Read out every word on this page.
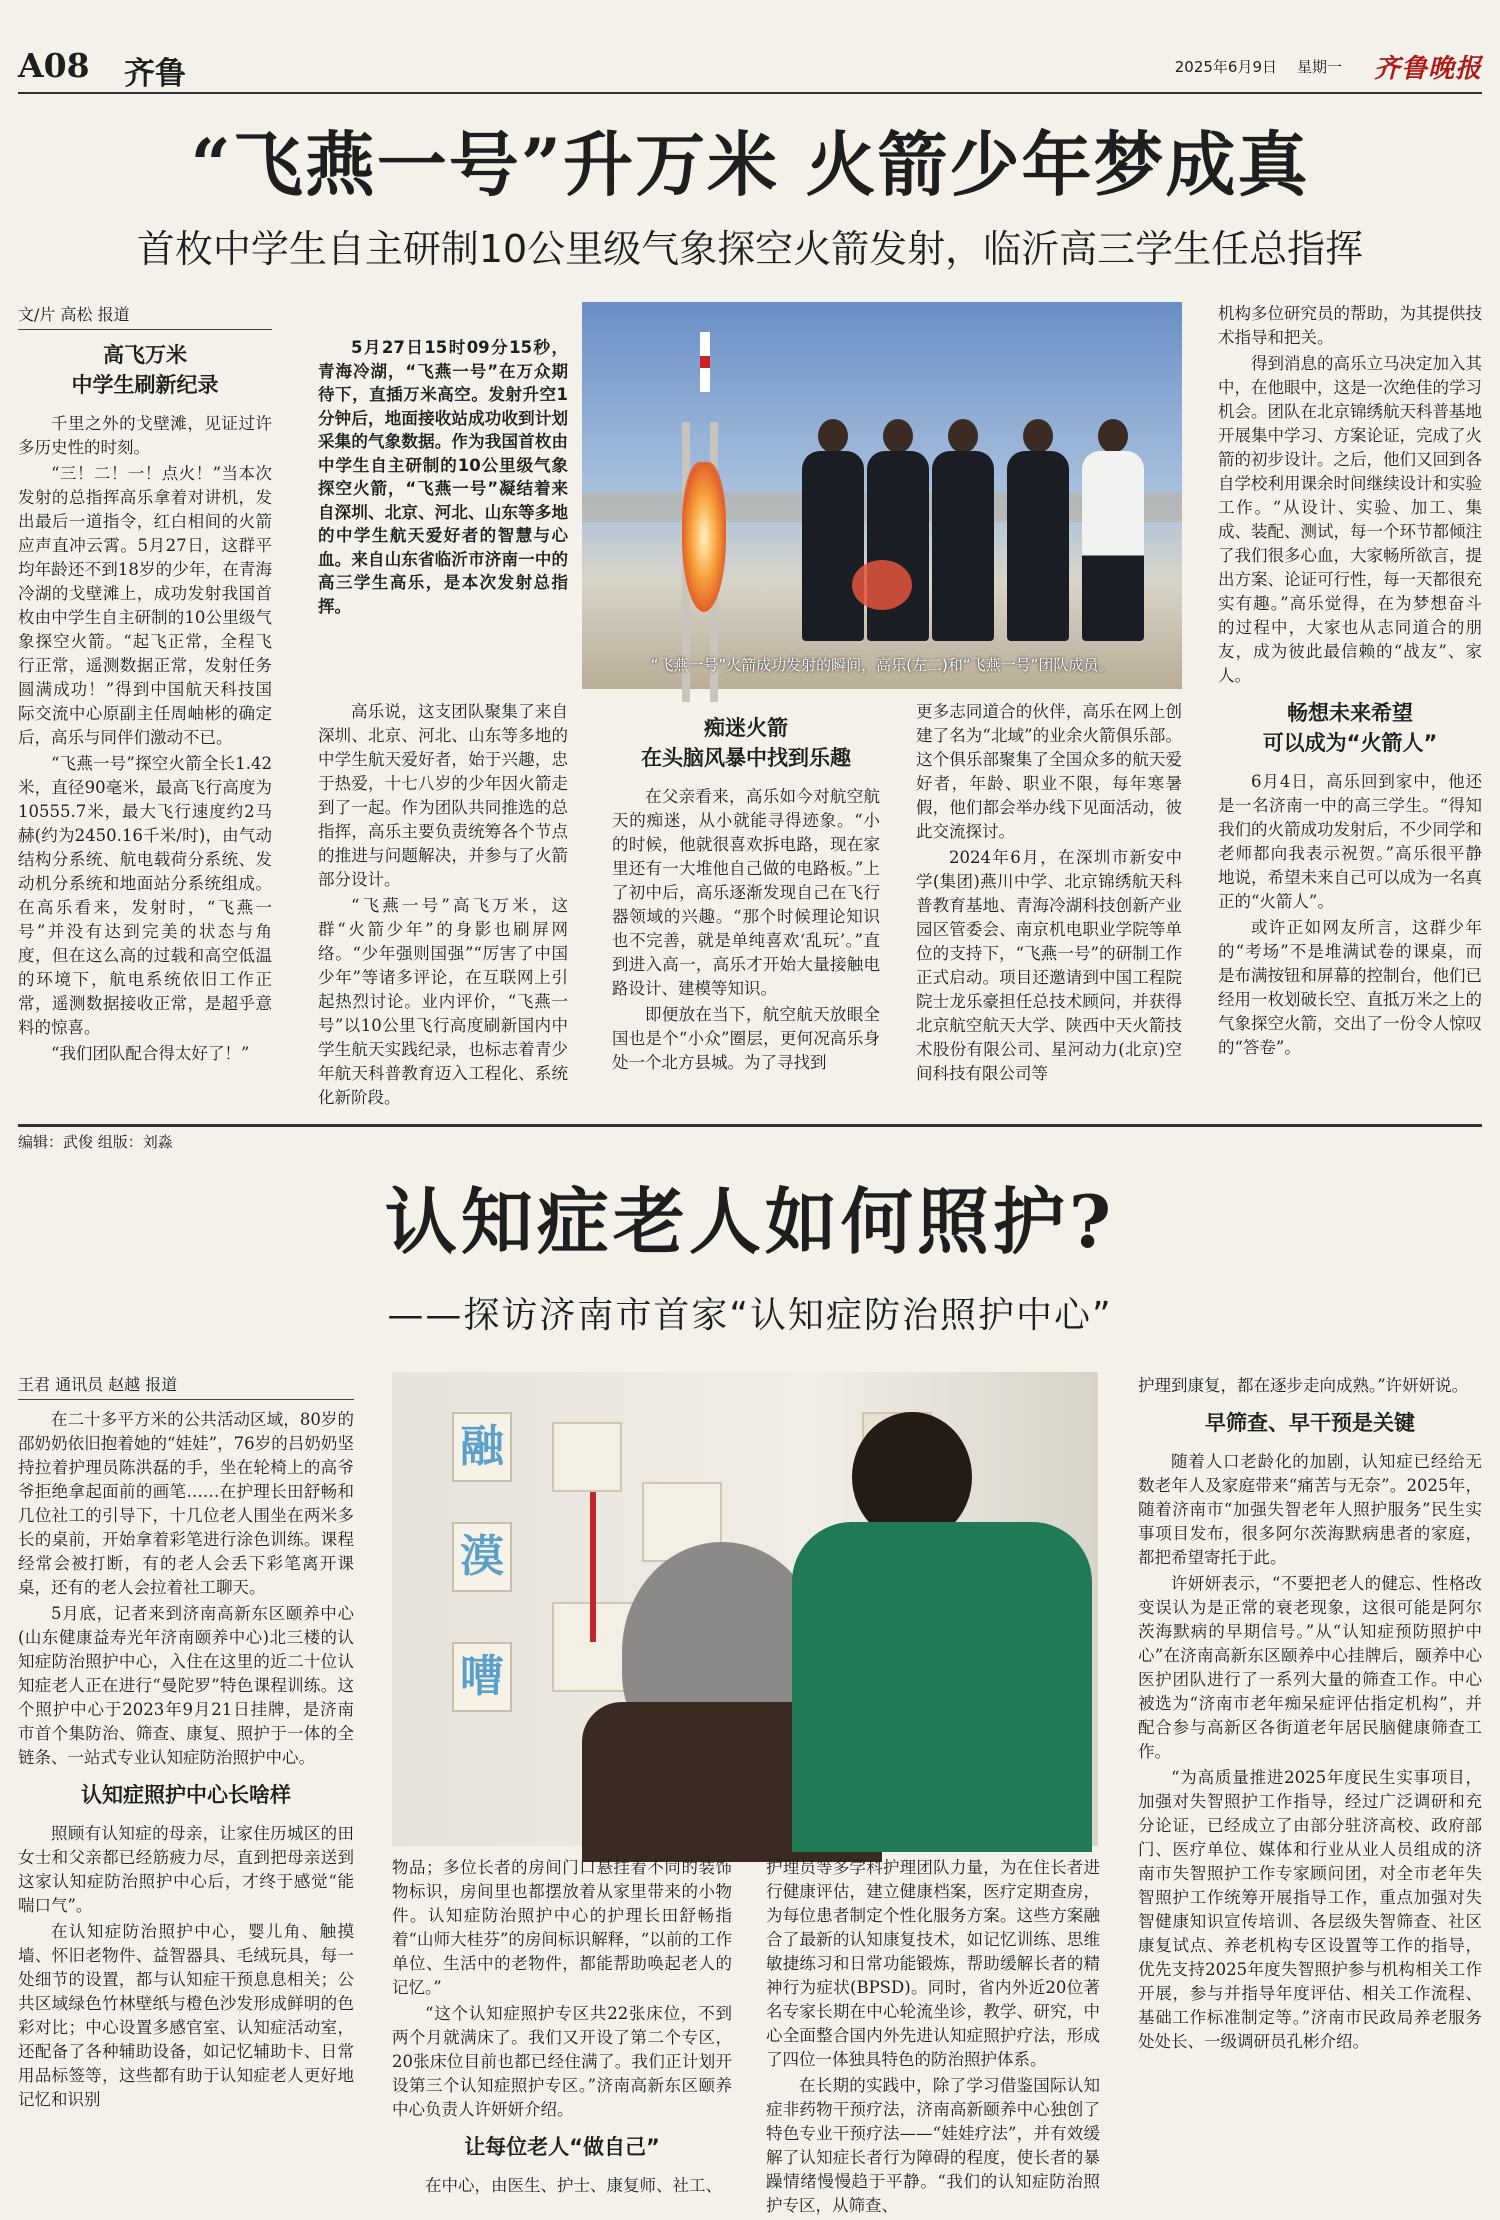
A08 齐鲁	2025年6月9日 星期一 齐鲁晚报
“飞燕一号”升万米 火箭少年梦成真
首枚中学生自主研制10公里级气象探空火箭发射，临沂高三学生任总指挥
文/片 高松 报道
高飞万米
中学生刷新纪录

千里之外的戈壁滩，见证过许多历史性的时刻。

“三！二！一！点火！”当本次发射的总指挥高乐拿着对讲机，发出最后一道指令，红白相间的火箭应声直冲云霄。5月27日，这群平均年龄还不到18岁的少年，在青海冷湖的戈壁滩上，成功发射我国首枚由中学生自主研制的10公里级气象探空火箭。“起飞正常，全程飞行正常，遥测数据正常，发射任务圆满成功！”得到中国航天科技国际交流中心原副主任周岫彬的确定后，高乐与同伴们激动不已。

“飞燕一号”探空火箭全长1.42米，直径90毫米，最高飞行高度为10555.7米，最大飞行速度约2马赫(约为2450.16千米/时)，由气动结构分系统、航电载荷分系统、发动机分系统和地面站分系统组成。在高乐看来，发射时，“飞燕一号”并没有达到完美的状态与角度，但在这么高的过载和高空低温的环境下，航电系统依旧工作正常，遥测数据接收正常，是超乎意料的惊喜。

“我们团队配合得太好了！”

5月27日15时09分15秒，青海冷湖，“飞燕一号”在万众期待下，直插万米高空。发射升空1分钟后，地面接收站成功收到计划采集的气象数据。作为我国首枚由中学生自主研制的10公里级气象探空火箭，“飞燕一号”凝结着来自深圳、北京、河北、山东等多地的中学生航天爱好者的智慧与心血。来自山东省临沂市济南一中的高三学生高乐，是本次发射总指挥。
“飞燕一号”火箭成功发射的瞬间，高乐(左二)和“飞燕一号”团队成员。

高乐说，这支团队聚集了来自深圳、北京、河北、山东等多地的中学生航天爱好者，始于兴趣，忠于热爱，十七八岁的少年因火箭走到了一起。作为团队共同推选的总指挥，高乐主要负责统筹各个节点的推进与问题解决，并参与了火箭部分设计。

“飞燕一号”高飞万米，这群“火箭少年”的身影也刷屏网络。“少年强则国强”“厉害了中国少年”等诸多评论，在互联网上引起热烈讨论。业内评价，“飞燕一号”以10公里飞行高度刷新国内中学生航天实践纪录，也标志着青少年航天科普教育迈入工程化、系统化新阶段。

痴迷火箭
在头脑风暴中找到乐趣

在父亲看来，高乐如今对航空航天的痴迷，从小就能寻得迹象。“小的时候，他就很喜欢拆电路，现在家里还有一大堆他自己做的电路板。”上了初中后，高乐逐渐发现自己在飞行器领域的兴趣。“那个时候理论知识也不完善，就是单纯喜欢‘乱玩’。”直到进入高一，高乐才开始大量接触电路设计、建模等知识。

即便放在当下，航空航天放眼全国也是个“小众”圈层，更何况高乐身处一个北方县城。为了寻找到

更多志同道合的伙伴，高乐在网上创建了名为“北域”的业余火箭俱乐部。这个俱乐部聚集了全国众多的航天爱好者，年龄、职业不限，每年寒暑假，他们都会举办线下见面活动，彼此交流探讨。

2024年6月，在深圳市新安中学(集团)燕川中学、北京锦绣航天科普教育基地、青海冷湖科技创新产业园区管委会、南京机电职业学院等单位的支持下，“飞燕一号”的研制工作正式启动。项目还邀请到中国工程院院士龙乐豪担任总技术顾问，并获得北京航空航天大学、陕西中天火箭技术股份有限公司、星河动力(北京)空间科技有限公司等

机构多位研究员的帮助，为其提供技术指导和把关。

得到消息的高乐立马决定加入其中，在他眼中，这是一次绝佳的学习机会。团队在北京锦绣航天科普基地开展集中学习、方案论证，完成了火箭的初步设计。之后，他们又回到各自学校利用课余时间继续设计和实验工作。“从设计、实验、加工、集成、装配、测试，每一个环节都倾注了我们很多心血，大家畅所欲言，提出方案、论证可行性，每一天都很充实有趣。”高乐觉得，在为梦想奋斗的过程中，大家也从志同道合的朋友，成为彼此最信赖的“战友”、家人。

畅想未来希望
可以成为“火箭人”

6月4日，高乐回到家中，他还是一名济南一中的高三学生。“得知我们的火箭成功发射后，不少同学和老师都向我表示祝贺。”高乐很平静地说，希望未来自己可以成为一名真正的“火箭人”。

或许正如网友所言，这群少年的“考场”不是堆满试卷的课桌，而是布满按钮和屏幕的控制台，他们已经用一枚划破长空、直抵万米之上的气象探空火箭，交出了一份令人惊叹的“答卷”。

编辑：武俊 组版：刘淼
认知症老人如何照护?
——探访济南市首家“认知症防治照护中心”
王君 通讯员 赵越 报道

在二十多平方米的公共活动区域，80岁的邵奶奶依旧抱着她的“娃娃”，76岁的吕奶奶坚持拉着护理员陈洪磊的手，坐在轮椅上的高爷爷拒绝拿起面前的画笔……在护理长田舒畅和几位社工的引导下，十几位老人围坐在两米多长的桌前，开始拿着彩笔进行涂色训练。课程经常会被打断，有的老人会丢下彩笔离开课桌，还有的老人会拉着社工聊天。

5月底，记者来到济南高新东区颐养中心(山东健康益寿光年济南颐养中心)北三楼的认知症防治照护中心，入住在这里的近二十位认知症老人正在进行“曼陀罗”特色课程训练。这个照护中心于2023年9月21日挂牌，是济南市首个集防治、筛查、康复、照护于一体的全链条、一站式专业认知症防治照护中心。

认知症照护中心长啥样

照顾有认知症的母亲，让家住历城区的田女士和父亲都已经筋疲力尽，直到把母亲送到这家认知症防治照护中心后，才终于感觉“能喘口气”。

在认知症防治照护中心，婴儿角、触摸墙、怀旧老物件、益智器具、毛绒玩具，每一处细节的设置，都与认知症干预息息相关；公共区域绿色竹林壁纸与橙色沙发形成鲜明的色彩对比；中心设置多感官室、认知症活动室，还配备了各种辅助设备，如记忆辅助卡、日常用品标签等，这些都有助于认知症老人更好地记忆和识别

融
漠
嘈

物品；多位长者的房间门口悬挂着不同的装饰物标识，房间里也都摆放着从家里带来的小物件。认知症防治照护中心的护理长田舒畅指着“山师大桂芬”的房间标识解释，“以前的工作单位、生活中的老物件，都能帮助唤起老人的记忆。”

“这个认知症照护专区共22张床位，不到两个月就满床了。我们又开设了第二个专区，20张床位目前也都已经住满了。我们正计划开设第三个认知症照护专区。”济南高新东区颐养中心负责人许妍妍介绍。

让每位老人“做自己”

在中心，由医生、护士、康复师、社工、

护理员等多学科护理团队力量，为在住长者进行健康评估，建立健康档案，医疗定期查房，为每位患者制定个性化服务方案。这些方案融合了最新的认知康复技术，如记忆训练、思维敏捷练习和日常功能锻炼，帮助缓解长者的精神行为症状(BPSD)。同时，省内外近20位著名专家长期在中心轮流坐诊，教学、研究，中心全面整合国内外先进认知症照护疗法，形成了四位一体独具特色的防治照护体系。

在长期的实践中，除了学习借鉴国际认知症非药物干预疗法，济南高新颐养中心独创了特色专业干预疗法——“娃娃疗法”，并有效缓解了认知症长者行为障碍的程度，使长者的暴躁情绪慢慢趋于平静。“我们的认知症防治照护专区，从筛查、

护理到康复，都在逐步走向成熟。”许妍妍说。

早筛查、早干预是关键

随着人口老龄化的加剧，认知症已经给无数老年人及家庭带来“痛苦与无奈”。2025年，随着济南市“加强失智老年人照护服务”民生实事项目发布，很多阿尔茨海默病患者的家庭，都把希望寄托于此。

许妍妍表示，“不要把老人的健忘、性格改变误认为是正常的衰老现象，这很可能是阿尔茨海默病的早期信号。”从“认知症预防照护中心”在济南高新东区颐养中心挂牌后，颐养中心医护团队进行了一系列大量的筛查工作。中心被选为“济南市老年痴呆症评估指定机构”，并配合参与高新区各街道老年居民脑健康筛查工作。

“为高质量推进2025年度民生实事项目，加强对失智照护工作指导，经过广泛调研和充分论证，已经成立了由部分驻济高校、政府部门、医疗单位、媒体和行业从业人员组成的济南市失智照护工作专家顾问团，对全市老年失智照护工作统筹开展指导工作，重点加强对失智健康知识宣传培训、各层级失智筛查、社区康复试点、养老机构专区设置等工作的指导，优先支持2025年度失智照护参与机构相关工作开展，参与并指导年度评估、相关工作流程、基础工作标准制定等。”济南市民政局养老服务处处长、一级调研员孔彬介绍。
